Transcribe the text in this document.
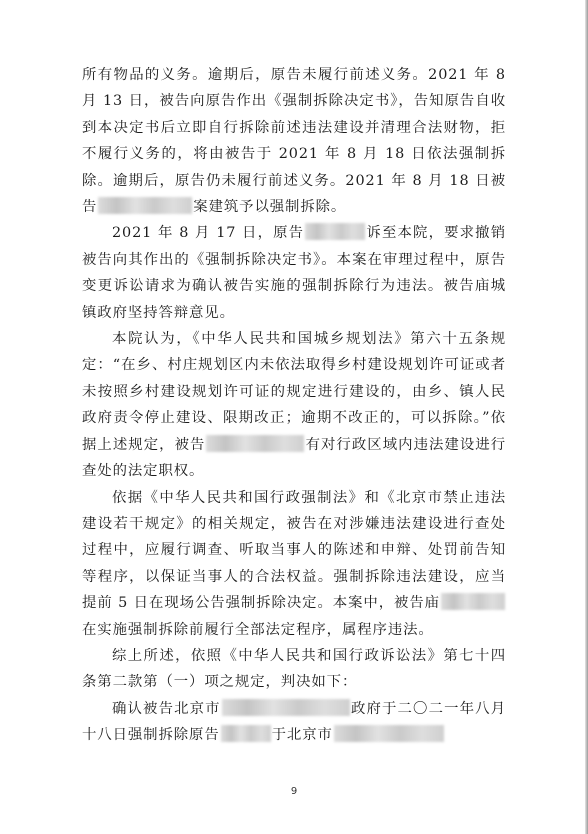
所有物品的义务。逾期后，原告未履行前述义务。2021 年 8 月 13 日，被告向原告作出《强制拆除决定书》，告知原告自收到本决定书后立即自行拆除前述违法建设并清理合法财物，拒不履行义务的，将由被告于 2021 年 8 月 18 日依法强制拆除。逾期后，原告仍未履行前述义务。2021 年 8 月 18 日被告	案建筑予以强制拆除。

2021 年 8 月 17 日，原告	诉至本院，要求撤销被告向其作出的《强制拆除决定书》。本案在审理过程中，原告变更诉讼请求为确认被告实施的强制拆除行为违法。被告庙城镇政府坚持答辩意见。

本院认为，《中华人民共和国城乡规划法》第六十五条规定：“在乡、村庄规划区内未依法取得乡村建设规划许可证或者未按照乡村建设规划许可证的规定进行建设的，由乡、镇人民政府责令停止建设、限期改正；逾期不改正的，可以拆除。”依据上述规定，被告	有对行政区域内违法建设进行查处的法定职权。

依据《中华人民共和国行政强制法》和《北京市禁止违法建设若干规定》的相关规定，被告在对涉嫌违法建设进行查处过程中，应履行调查、听取当事人的陈述和申辩、处罚前告知等程序，以保证当事人的合法权益。强制拆除违法建设，应当提前 5 日在现场公告强制拆除决定。本案中，被告庙在实施强制拆除前履行全部法定程序，属程序违法。

综上所述，依照《中华人民共和国行政诉讼法》第七十四条第二款第（一）项之规定，判决如下：

确认被告北京市	政府于二〇二一年八月十八日强制拆除原告	于北京市

9
